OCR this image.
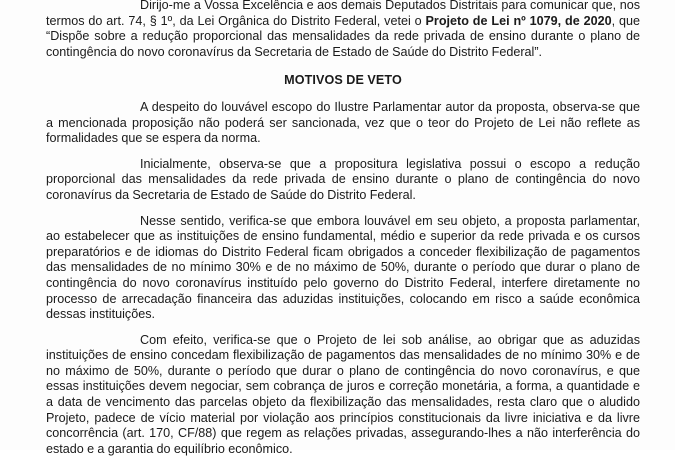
Dirijo-me a Vossa Excelência e aos demais Deputados Distritais para comunicar que, nos termos do art. 74, § 1º, da Lei Orgânica do Distrito Federal, vetei o Projeto de Lei nº 1079, de 2020, que “Dispõe sobre a redução proporcional das mensalidades da rede privada de ensino durante o plano de contingência do novo coronavírus da Secretaria de Estado de Saúde do Distrito Federal”.

MOTIVOS DE VETO

A despeito do louvável escopo do Ilustre Parlamentar autor da proposta, observa-se que a mencionada proposição não poderá ser sancionada, vez que o teor do Projeto de Lei não reflete as formalidades que se espera da norma.

Inicialmente, observa-se que a propositura legislativa possui o escopo a redução proporcional das mensalidades da rede privada de ensino durante o plano de contingência do novo coronavírus da Secretaria de Estado de Saúde do Distrito Federal.

Nesse sentido, verifica-se que embora louvável em seu objeto, a proposta parlamentar, ao estabelecer que as instituições de ensino fundamental, médio e superior da rede privada e os cursos preparatórios e de idiomas do Distrito Federal ficam obrigados a conceder flexibilização de pagamentos das mensalidades de no mínimo 30% e de no máximo de 50%, durante o período que durar o plano de contingência do novo coronavírus instituído pelo governo do Distrito Federal, interfere diretamente no processo de arrecadação financeira das aduzidas instituições, colocando em risco a saúde econômica dessas instituições.

Com efeito, verifica-se que o Projeto de lei sob análise, ao obrigar que as aduzidas instituições de ensino concedam flexibilização de pagamentos das mensalidades de no mínimo 30% e de no máximo de 50%, durante o período que durar o plano de contingência do novo coronavírus, e que essas instituições devem negociar, sem cobrança de juros e correção monetária, a forma, a quantidade e a data de vencimento das parcelas objeto da flexibilização das mensalidades, resta claro que o aludido Projeto, padece de vício material por violação aos princípios constitucionais da livre iniciativa e da livre concorrência (art. 170, CF/88) que regem as relações privadas, assegurando-lhes a não interferência do estado e a garantia do equilíbrio econômico.
